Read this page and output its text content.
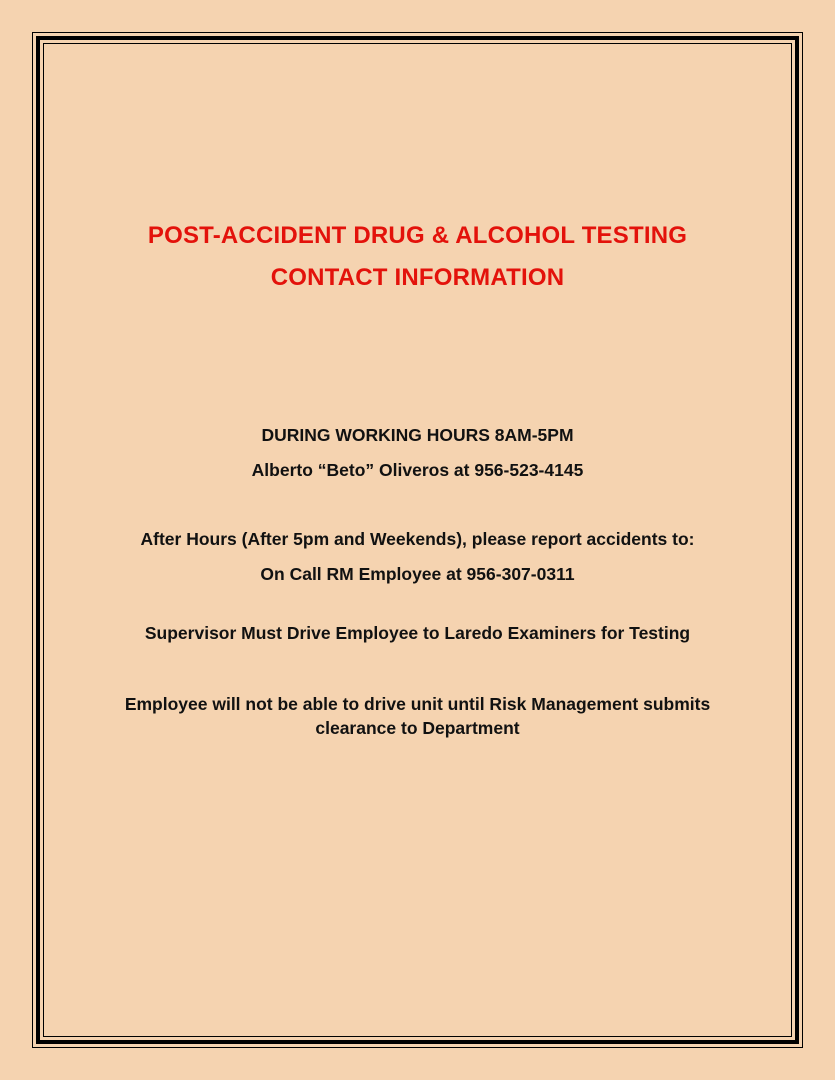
POST-ACCIDENT DRUG & ALCOHOL TESTING
CONTACT INFORMATION
DURING WORKING HOURS 8AM-5PM
Alberto “Beto” Oliveros at 956-523-4145
After Hours (After 5pm and Weekends), please report accidents to:
On Call RM Employee at 956-307-0311
Supervisor Must Drive Employee to Laredo Examiners for Testing
Employee will not be able to drive unit until Risk Management submits clearance to Department
